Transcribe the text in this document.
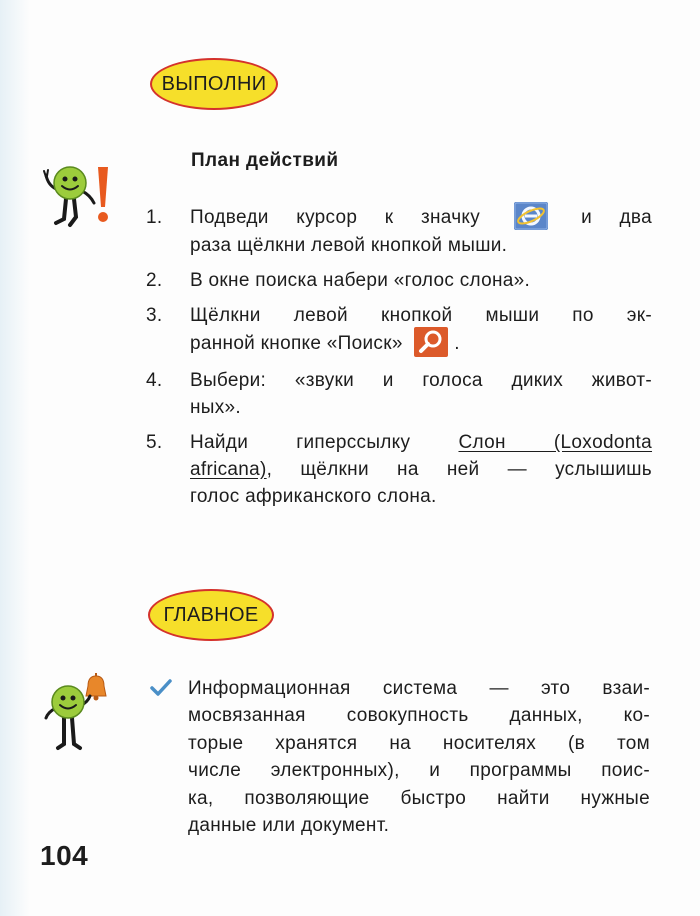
ВЫПОЛНИ
План действий
1. Подведи курсор к значку	и два
раза щёлкни левой кнопкой мыши.
2. В окне поиска набери «голос слона».
3. Щёлкни левой кнопкой мыши по эк-
ранной кнопке «Поиск»	.
4. Выбери: «звуки и голоса диких живот-
ных».
5. Найди гиперссылку	Слон (Loxodonta
africana), щёлкни на ней — услышишь
голос африканского слона.
ГЛАВНОЕ

Информационная система — это взаи-
мосвязанная совокупность данных, ко-
торые хранятся на носителях (в том
числе электронных), и программы поис-
ка, позволяющие быстро найти нужные
данные или документ.

104
